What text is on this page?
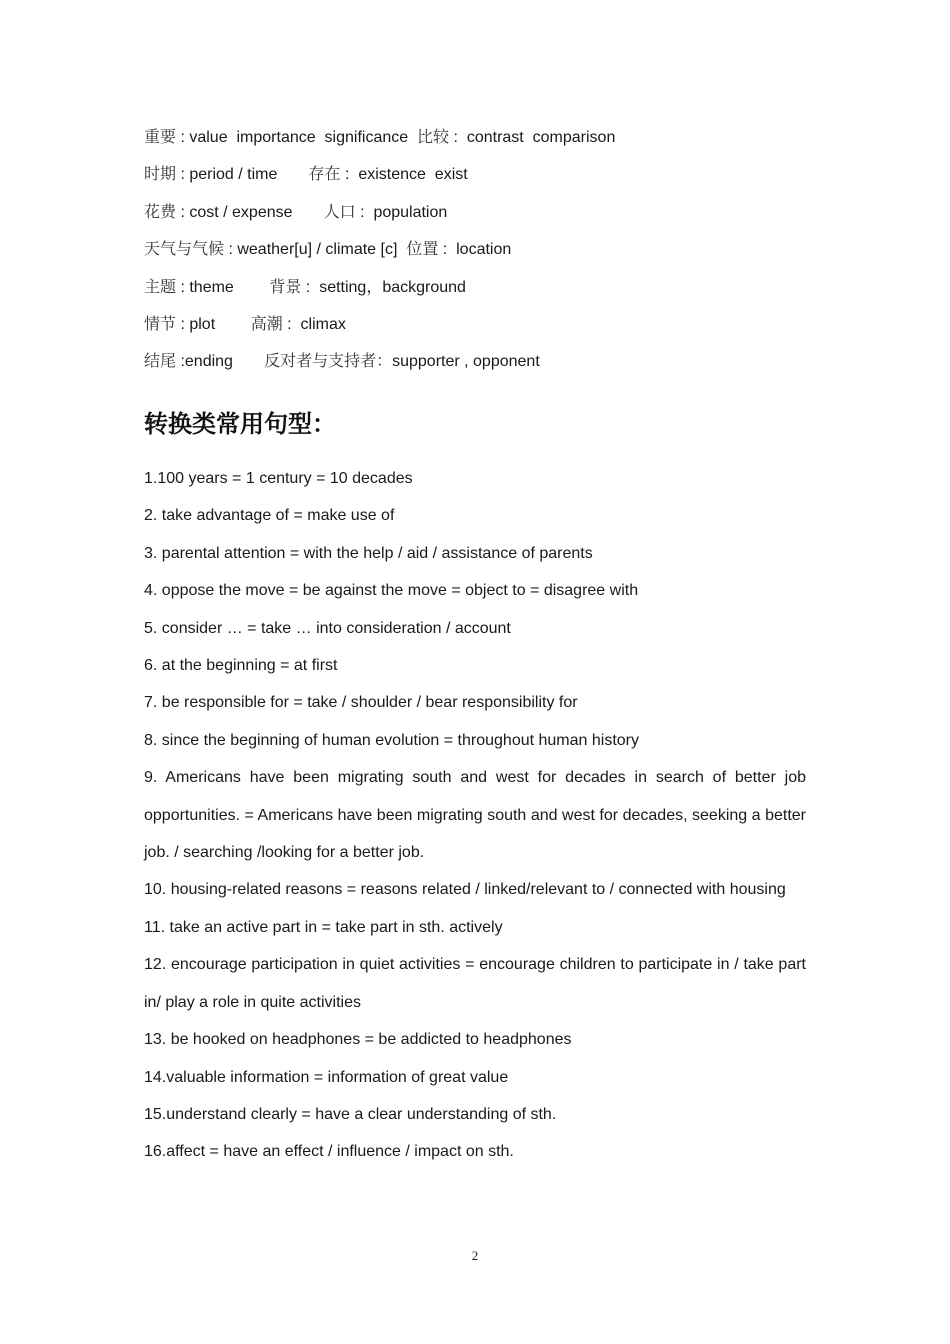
重要 : value  importance  significance  比较 :  contrast  comparison
时期 : period / time       存在 :  existence  exist
花费 : cost / expense       人口 :  population
天气与气候 : weather[u] / climate [c]  位置 :  location
主题 : theme        背景 :  setting，background
情节 : plot        高潮 :  climax
结尾 :ending       反对者与支持者：supporter , opponent
转换类常用句型：
1.100 years = 1 century = 10 decades
2. take advantage of = make use of
3. parental attention = with the help / aid / assistance of parents
4. oppose the move = be against the move = object to = disagree with
5. consider … = take … into consideration / account
6. at the beginning = at first
7. be responsible for = take / shoulder / bear responsibility for
8. since the beginning of human evolution = throughout human history
9. Americans have been migrating south and west for decades in search of better job opportunities. = Americans have been migrating south and west for decades, seeking a better job. / searching /looking for a better job.
10. housing-related reasons = reasons related / linked/relevant to / connected with housing
11. take an active part in = take part in sth. actively
12. encourage participation in quiet activities = encourage children to participate in / take part in/ play a role in quite activities
13. be hooked on headphones = be addicted to headphones
14.valuable information = information of great value
15.understand clearly = have a clear understanding of sth.
16.affect = have an effect / influence / impact on sth.
2
